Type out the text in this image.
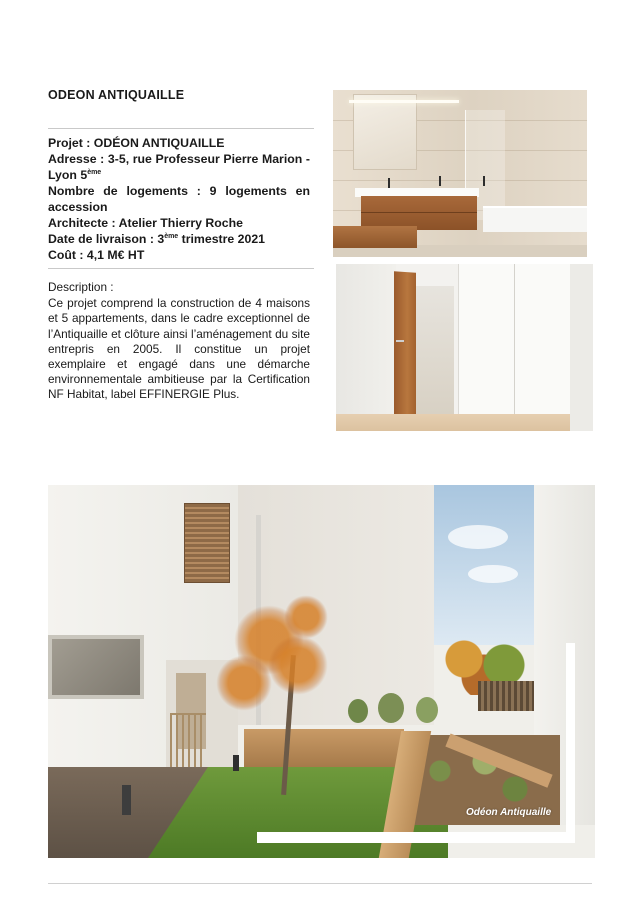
ODEON ANTIQUAILLE
Projet : ODÉON ANTIQUAILLE
Adresse : 3-5, rue Professeur Pierre Marion - Lyon 5ème
Nombre de logements : 9 logements en accession
Architecte : Atelier Thierry Roche
Date de livraison : 3ème trimestre 2021
Coût : 4,1 M€ HT
Description :
Ce projet comprend la construction de 4 maisons et 5 appartements, dans le cadre exceptionnel de l’Antiquaille et clôture ainsi l’aménagement du site entrepris en 2005. Il constitue un projet exemplaire et engagé dans une démarche environnementale ambitieuse par la Certification NF Habitat, label EFFINERGIE Plus.
Odéon Antiquaille
